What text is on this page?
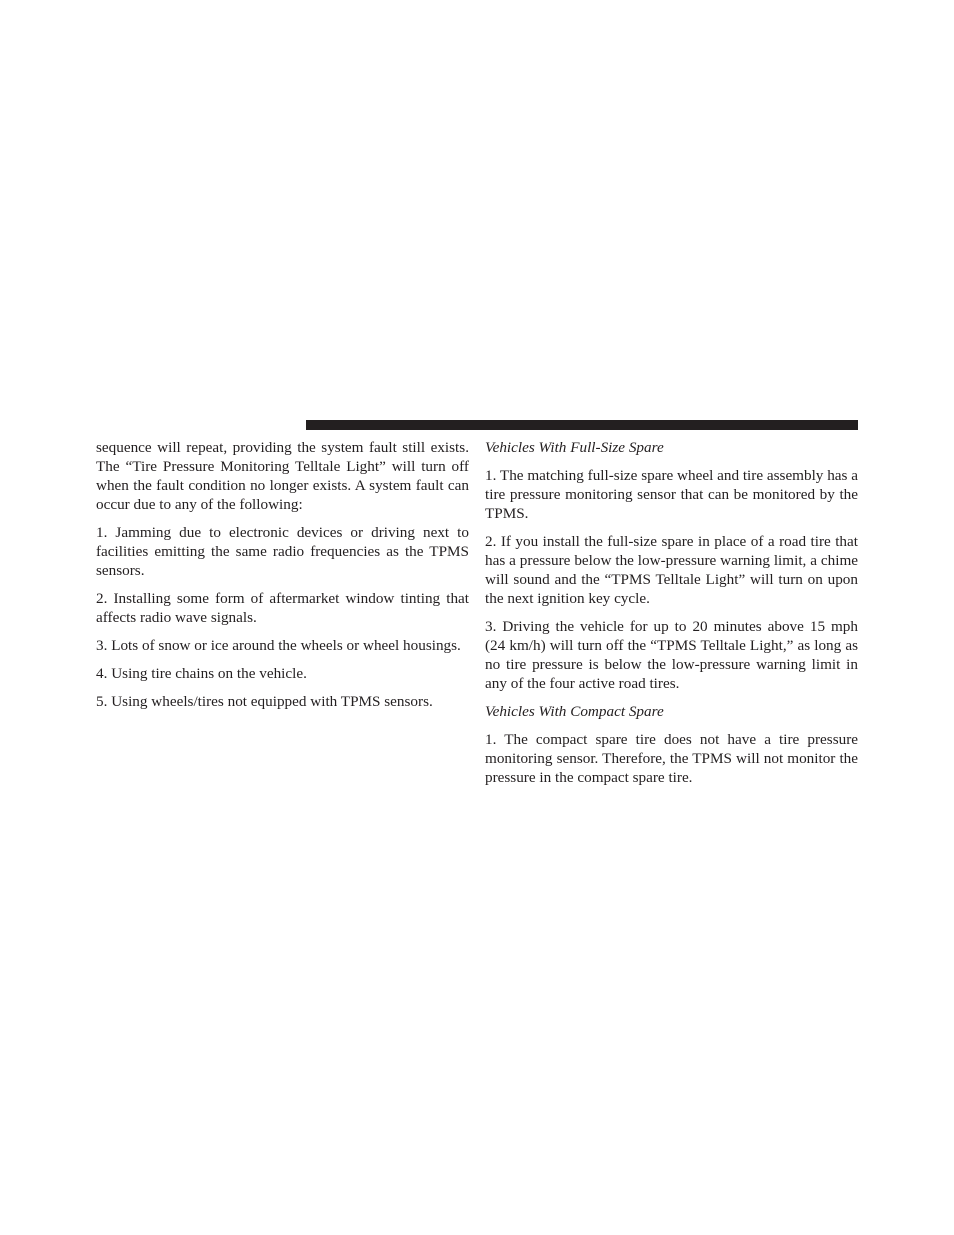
sequence will repeat, providing the system fault still exists. The “Tire Pressure Monitoring Telltale Light” will turn off when the fault condition no longer exists. A system fault can occur due to any of the following:

1. Jamming due to electronic devices or driving next to facilities emitting the same radio frequencies as the TPMS sensors.

2. Installing some form of aftermarket window tinting that affects radio wave signals.

3. Lots of snow or ice around the wheels or wheel housings.

4. Using tire chains on the vehicle.

5. Using wheels/tires not equipped with TPMS sensors.

Vehicles With Full-Size Spare

1. The matching full-size spare wheel and tire assembly has a tire pressure monitoring sensor that can be monitored by the TPMS.

2. If you install the full-size spare in place of a road tire that has a pressure below the low-pressure warning limit, a chime will sound and the “TPMS Telltale Light” will turn on upon the next ignition key cycle.

3. Driving the vehicle for up to 20 minutes above 15 mph (24 km/h) will turn off the “TPMS Telltale Light,” as long as no tire pressure is below the low-pressure warning limit in any of the four active road tires.

Vehicles With Compact Spare

1. The compact spare tire does not have a tire pressure monitoring sensor. Therefore, the TPMS will not monitor the pressure in the compact spare tire.
